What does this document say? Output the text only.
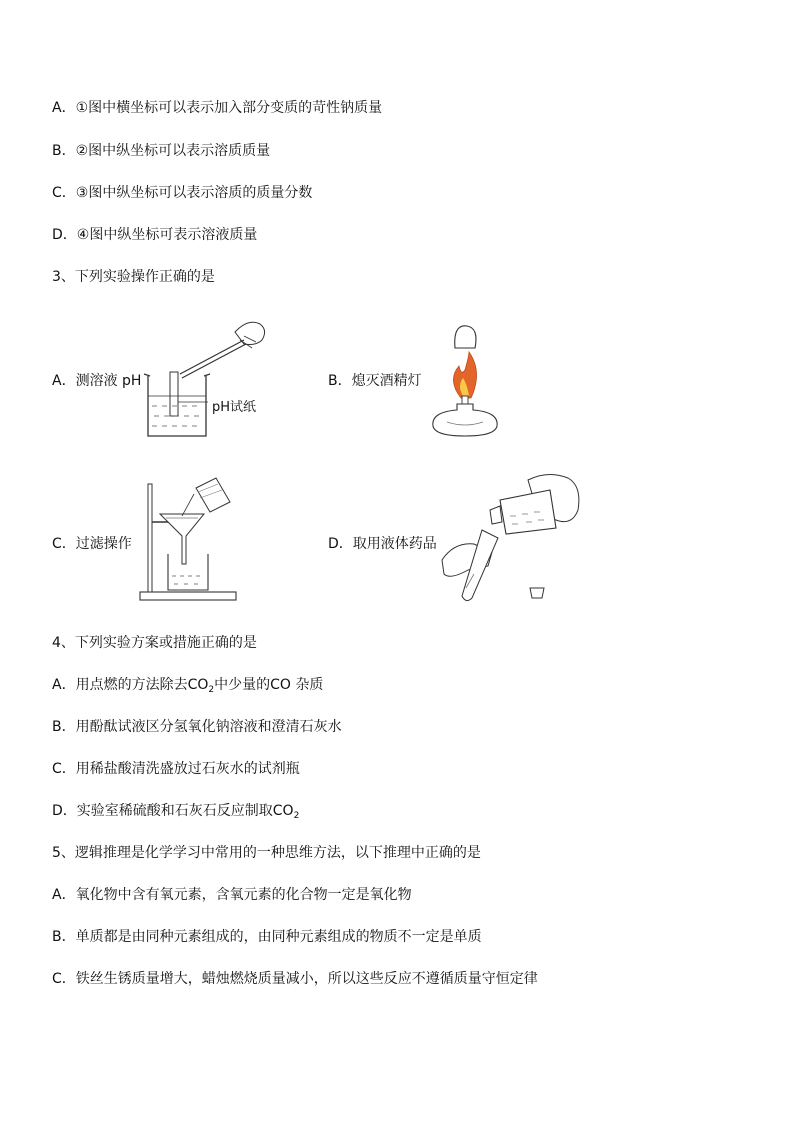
A．①图中横坐标可以表示加入部分变质的苛性钠质量
B．②图中纵坐标可以表示溶质质量
C．③图中纵坐标可以表示溶质的质量分数
D．④图中纵坐标可表示溶液质量
3、下列实验操作正确的是
A．测溶液 pH
pH试纸
B．熄灭酒精灯
C．过滤操作	D．取用液体药品
4、下列实验方案或措施正确的是
A．用点燃的方法除去$CO_2$中少量的CO 杂质
B．用酚酞试液区分氢氧化钠溶液和澄清石灰水
C．用稀盐酸清洗盛放过石灰水的试剂瓶
D．实验室稀硫酸和石灰石反应制取$CO_2$
5、逻辑推理是化学学习中常用的一种思维方法，以下推理中正确的是
A．氧化物中含有氧元素，含氧元素的化合物一定是氧化物
B．单质都是由同种元素组成的，由同种元素组成的物质不一定是单质
C．铁丝生锈质量增大，蜡烛燃烧质量减小，所以这些反应不遵循质量守恒定律
